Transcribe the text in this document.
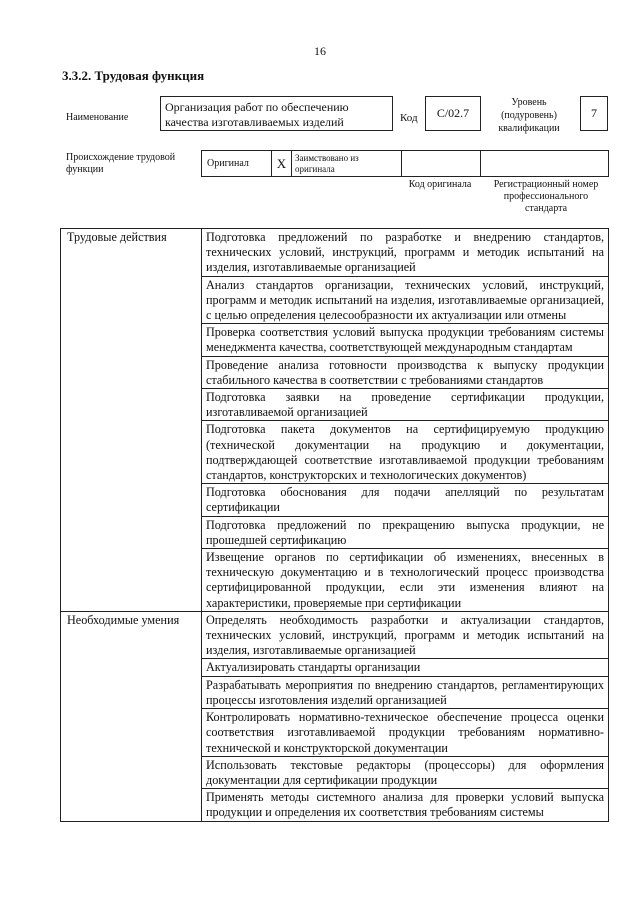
16
3.3.2. Трудовая функция
Наименование
Организация работ по обеспечению качества изготавливаемых изделий	Код	С/02.7
Уровень (подуровень) квалификации
7
Происхождение трудовой функции
Оригинал	X Заимствовано из оригинала
Код оригинала	Регистрационный номер профессионального стандарта
Трудовые действия	Подготовка предложений по разработке и внедрению стандартов, технических условий, инструкций, программ и методик испытаний на изделия, изготавливаемые организацией
	Анализ стандартов организации, технических условий, инструкций, программ и методик испытаний на изделия, изготавливаемые организацией, с целью определения целесообразности их актуализации или отмены
	Проверка соответствия условий выпуска продукции требованиям системы менеджмента качества, соответствующей международным стандартам
	Проведение анализа готовности производства к выпуску продукции стабильного качества в соответствии с требованиями стандартов
	Подготовка заявки на проведение сертификации продукции, изготавливаемой организацией
	Подготовка пакета документов на сертифицируемую продукцию (технической документации на продукцию и документации, подтверждающей соответствие изготавливаемой продукции требованиям стандартов, конструкторских и технологических документов)
	Подготовка обоснования для подачи апелляций по результатам сертификации
	Подготовка предложений по прекращению выпуска продукции, не прошедшей сертификацию
	Извещение органов по сертификации об изменениях, внесенных в техническую документацию и в технологический процесс производства сертифицированной продукции, если эти изменения влияют на характеристики, проверяемые при сертификации
Необходимые умения	Определять необходимость разработки и актуализации стандартов, технических условий, инструкций, программ и методик испытаний на изделия, изготавливаемые организацией
	Актуализировать стандарты организации
	Разрабатывать мероприятия по внедрению стандартов, регламентирующих процессы изготовления изделий организацией
	Контролировать нормативно-техническое обеспечение процесса оценки соответствия изготавливаемой продукции требованиям нормативно-технической и конструкторской документации
	Использовать текстовые редакторы (процессоры) для оформления документации для сертификации продукции
	Применять методы системного анализа для проверки условий выпуска продукции и определения их соответствия требованиям системы
